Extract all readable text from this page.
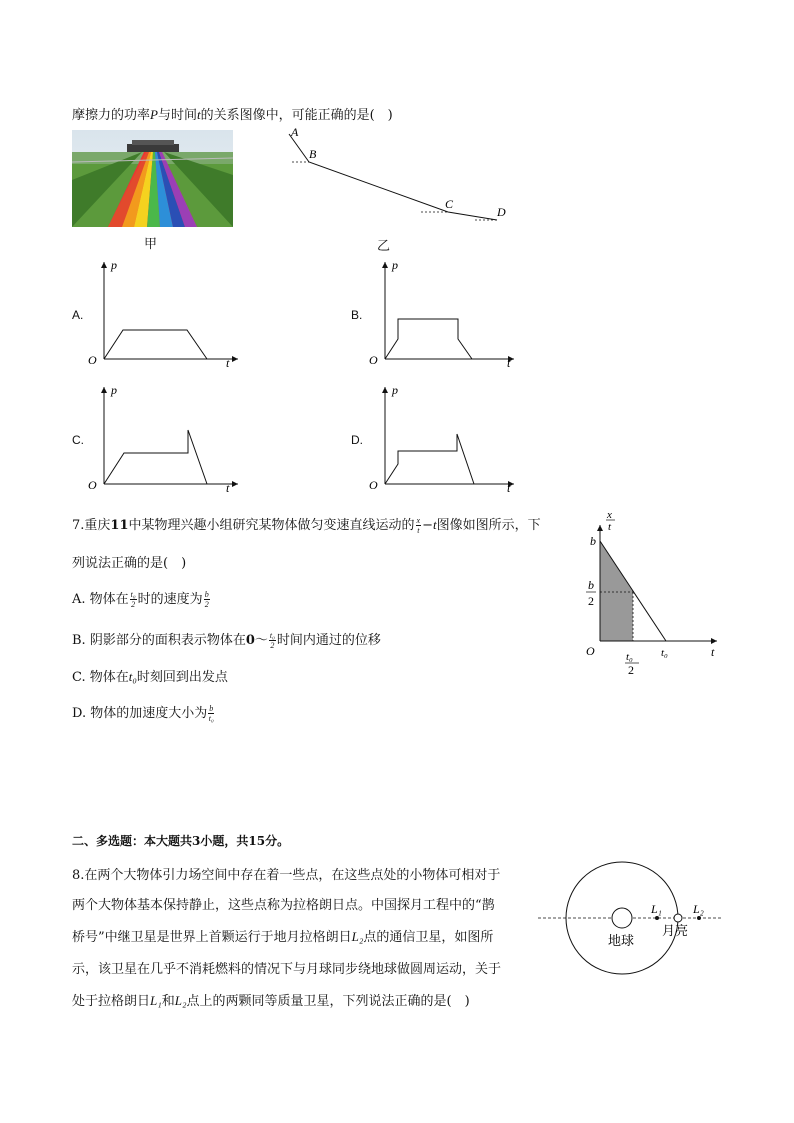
摩擦力的功率P与时间t的关系图像中，可能正确的是(　)
甲
A
B
C
D
乙
A.
p
O	t
B.
p
O	t
C.
p
O	t
D.
p
O	t
7.重庆11中某物理兴趣小组研究某物体做匀变速直线运动的 $\frac{x}{t} -t$图像如图所示，下
列说法正确的是(　)
A. 物体在 $\frac{\text{t₀}}{2}$ 时的速度为 $\frac{b}{2}$
B. 阴影部分的面积表示物体在0～ $\frac{\text{t₀}}{2}$ 时间内通过的位移
C. 物体在t₀时刻回到出发点
D. 物体的加速度大小为 $\frac{b}{\text{t₀}}$
x
t
b
b
2
O	t₀
2
t₀	t
二、多选题：本大题共3小题，共15分。
8.在两个大物体引力场空间中存在着一些点，在这些点处的小物体可相对于
两个大物体基本保持静止，这些点称为拉格朗日点。中国探月工程中的“鹊
桥号”中继卫星是世界上首颗运行于地月拉格朗日L₂点的通信卫星，如图所
示，该卫星在几乎不消耗燃料的情况下与月球同步绕地球做圆周运动，关于
处于拉格朗日L₁和L₂点上的两颗同等质量卫星，下列说法正确的是(　)
L₁	L₂
地球
月亮
